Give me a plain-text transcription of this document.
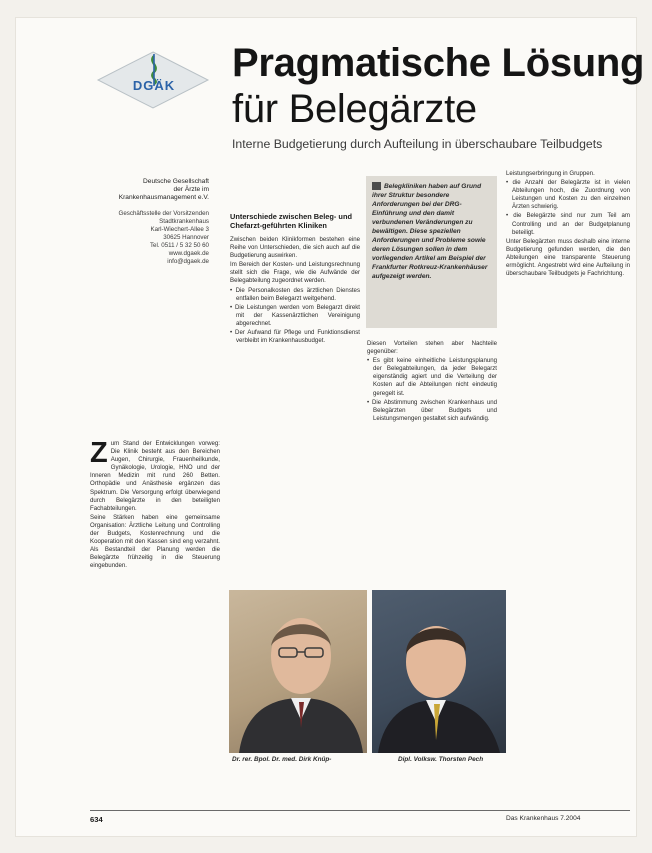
DGÄK
Pragmatische Lösung
für Belegärzte
Interne Budgetierung durch Aufteilung in überschaubare Teilbudgets
Deutsche Gesellschaft
der Ärzte im
Krankenhausmanagement e.V.
Geschäftsstelle der Vorsitzenden
Stadtkrankenhaus
Karl-Wiechert-Allee 3
30625 Hannover
Tel. 0511 / 5 32 50 60
www.dgaek.de
info@dgaek.de

Zum Stand der Entwicklungen vorweg: Die Klinik besteht aus den Bereichen Augen, Chirurgie, Frauenheilkunde, Gynäkologie, Urologie, HNO und der Inneren Medizin mit rund 260 Betten. Orthopädie und Anästhesie ergänzen das Spektrum. Die Versorgung erfolgt überwiegend durch Belegärzte in den beteiligten Fachabteilungen.

Seine Stärken haben eine gemeinsame Organisation: Ärztliche Leitung und Controlling der Budgets, Kostenrechnung und die Kooperation mit den Kassen sind eng verzahnt. Als Bestandteil der Planung werden die Belegärzte frühzeitig in die Steuerung eingebunden.

Unterschiede zwischen Beleg- und Chefarzt-geführten Kliniken

Zwischen beiden Klinikformen bestehen eine Reihe von Unterschieden, die sich auch auf die Budgetierung auswirken.

Im Bereich der Kosten- und Leistungsrechnung stellt sich die Frage, wie die Aufwände der Belegabteilung zugeordnet werden.

• Die Personalkosten des ärztlichen Dienstes entfallen beim Belegarzt weitgehend.

• Die Leistungen werden vom Belegarzt direkt mit der Kassenärztlichen Vereinigung abgerechnet.

• Der Aufwand für Pflege und Funktionsdienst verbleibt im Krankenhausbudget.

Belegkliniken haben auf Grund ihrer Struktur besondere Anforderungen bei der DRG-Einführung und den damit verbundenen Veränderungen zu bewältigen. Diese speziellen Anforderungen und Probleme sowie deren Lösungen sollen in dem vorliegenden Artikel am Beispiel der Frankfurter Rotkreuz-Krankenhäuser aufgezeigt werden.

Diesen Vorteilen stehen aber Nachteile gegenüber:

• Es gibt keine einheitliche Leistungsplanung der Belegabteilungen, da jeder Belegarzt eigenständig agiert und die Verteilung der Kosten auf die Abteilungen nicht eindeutig geregelt ist.

• Die Abstimmung zwischen Krankenhaus und Belegärzten über Budgets und Leistungsmengen gestaltet sich aufwändig.

Leistungserbringung in Gruppen.

• die Anzahl der Belegärzte ist in vielen Abteilungen hoch, die Zuordnung von Leistungen und Kosten zu den einzelnen Ärzten schwierig.

• die Belegärzte sind nur zum Teil am Controlling und an der Budgetplanung beteiligt.

Unter Belegärzten muss deshalb eine interne Budgetierung gefunden werden, die den Abteilungen eine transparente Steuerung ermöglicht. Angestrebt wird eine Aufteilung in überschaubare Teilbudgets je Fachrichtung.

Dr. rer. Bpol. Dr. med. Dirk Knüp-	Dipl. Volksw. Thorsten Pech
634	Das Krankenhaus 7.2004
